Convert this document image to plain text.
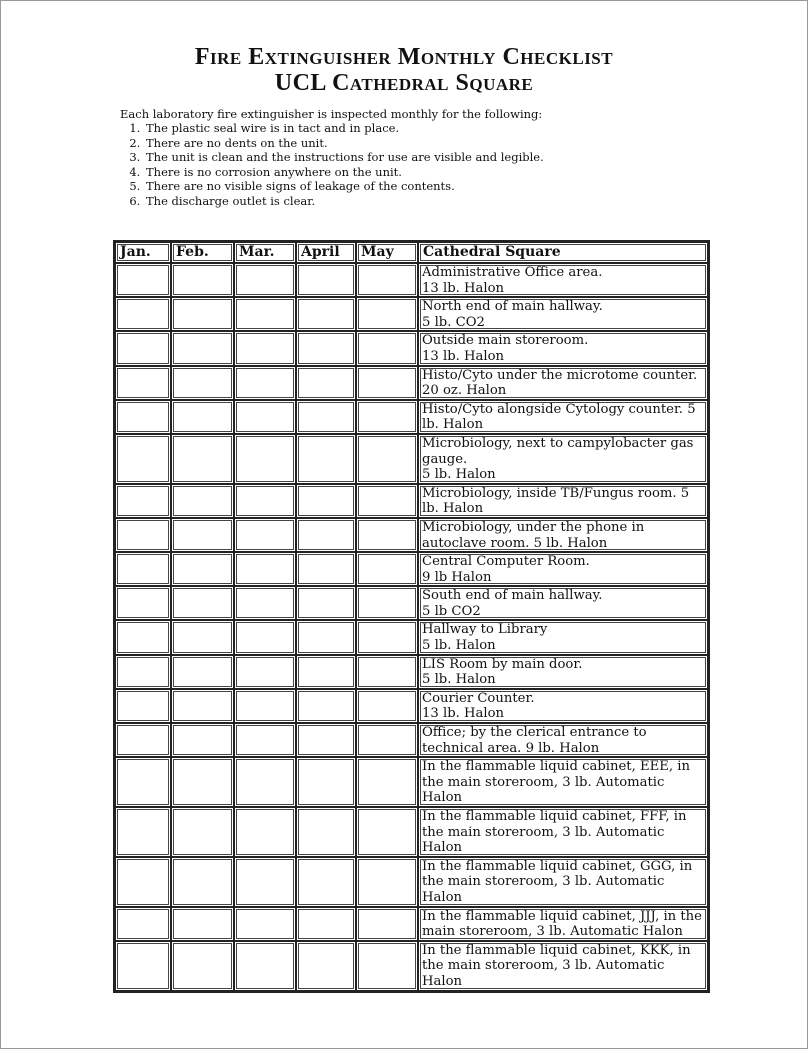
Fire Extinguisher Monthly Checklist
UCL Cathedral Square

Each laboratory fire extinguisher is inspected monthly for the following:

1. The plastic seal wire is in tact and in place.
2. There are no dents on the unit.
3. The unit is clean and the instructions for use are visible and legible.
4. There is no corrosion anywhere on the unit.
5. There are no visible signs of leakage of the contents.
6. The discharge outlet is clear.
Jan.	Feb.	Mar.	April	May	Cathedral Square
					Administrative Office area.
13 lb. Halon
					North end of main hallway.
5 lb. CO2
					Outside main storeroom.
13 lb. Halon
					Histo/Cyto under the microtome counter. 20 oz. Halon
					Histo/Cyto alongside Cytology counter. 5 lb. Halon
					Microbiology, next to campylobacter gas gauge.
5 lb. Halon
					Microbiology, inside TB/Fungus room. 5 lb. Halon
					Microbiology, under the phone in autoclave room. 5 lb. Halon
					Central Computer Room.
9 lb Halon
					South end of main hallway.
5 lb CO2
					Hallway to Library
5 lb. Halon
					LIS Room by main door.
5 lb. Halon
					Courier Counter.
13 lb. Halon
					Office; by the clerical entrance to technical area. 9 lb. Halon
					In the flammable liquid cabinet, EEE, in the main storeroom, 3 lb. Automatic Halon
					In the flammable liquid cabinet, FFF, in the main storeroom, 3 lb. Automatic Halon
					In the flammable liquid cabinet, GGG, in the main storeroom, 3 lb. Automatic Halon
					In the flammable liquid cabinet, JJJ, in the main storeroom, 3 lb. Automatic Halon
					In the flammable liquid cabinet, KKK, in the main storeroom, 3 lb. Automatic Halon
